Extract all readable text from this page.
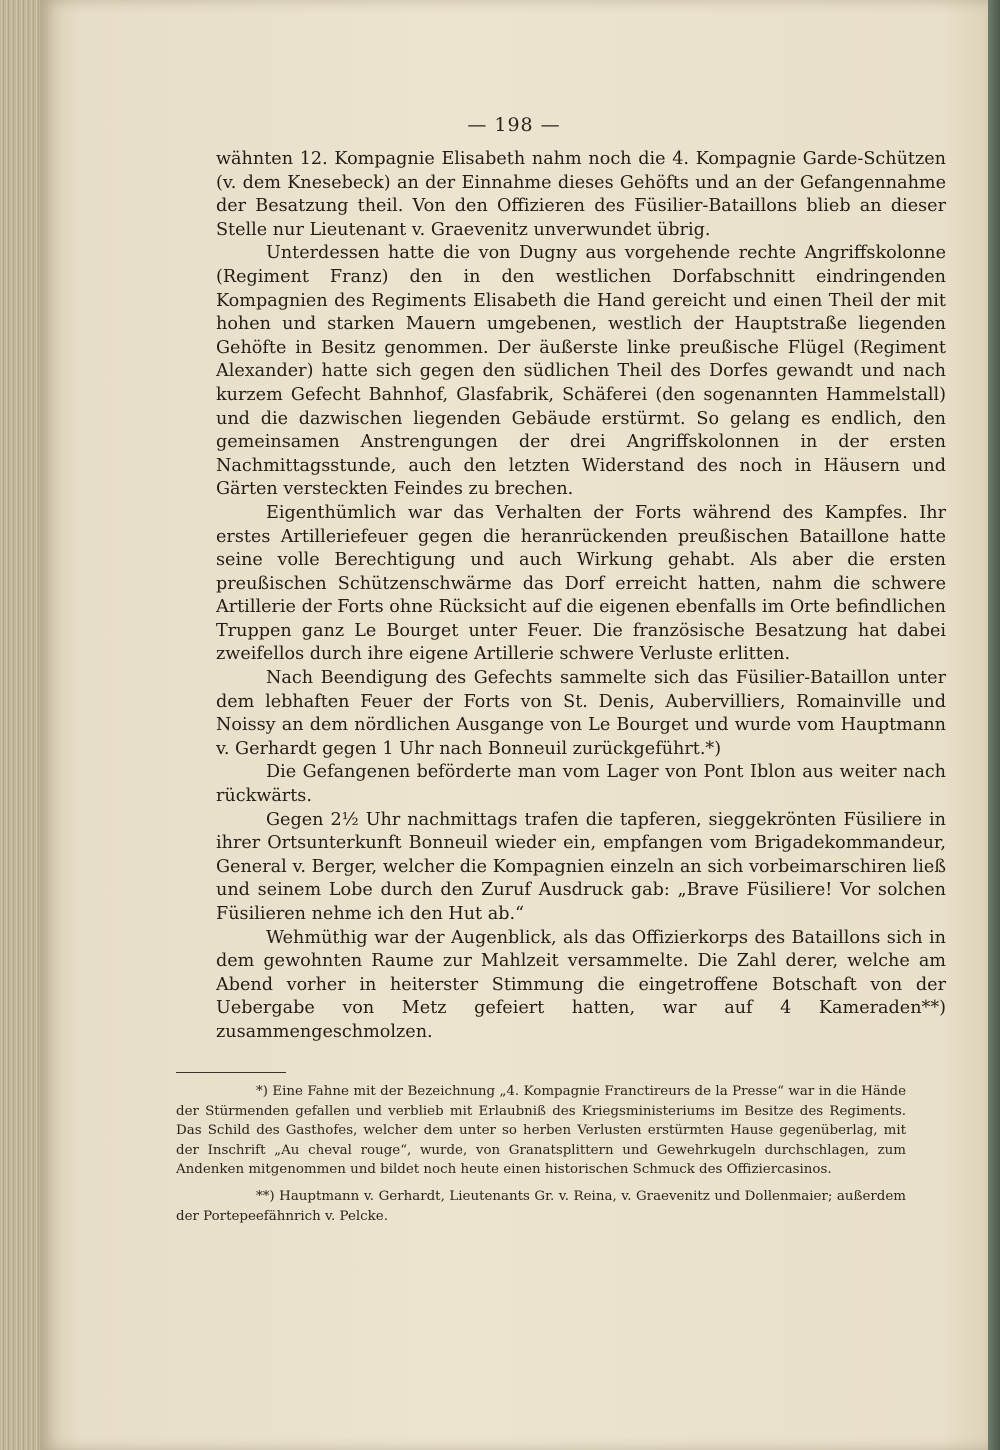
— 198 —

wähnten 12. Kompagnie Elisabeth nahm noch die 4. Kompagnie Garde-Schützen (v. dem Knesebeck) an der Einnahme dieses Gehöfts und an der Gefangennahme der Besatzung theil. Von den Offizieren des Füsilier-Bataillons blieb an dieser Stelle nur Lieutenant v. Graevenitz unverwundet übrig.

Unterdessen hatte die von Dugny aus vorgehende rechte Angriffskolonne (Regiment Franz) den in den westlichen Dorfabschnitt eindringenden Kompagnien des Regiments Elisabeth die Hand gereicht und einen Theil der mit hohen und starken Mauern umgebenen, westlich der Hauptstraße liegenden Gehöfte in Besitz genommen. Der äußerste linke preußische Flügel (Regiment Alexander) hatte sich gegen den südlichen Theil des Dorfes gewandt und nach kurzem Gefecht Bahnhof, Glasfabrik, Schäferei (den sogenannten Hammelstall) und die dazwischen liegenden Gebäude erstürmt. So gelang es endlich, den gemeinsamen Anstrengungen der drei Angriffskolonnen in der ersten Nachmittagsstunde, auch den letzten Widerstand des noch in Häusern und Gärten versteckten Feindes zu brechen.

Eigenthümlich war das Verhalten der Forts während des Kampfes. Ihr erstes Artilleriefeuer gegen die heranrückenden preußischen Bataillone hatte seine volle Berechtigung und auch Wirkung gehabt. Als aber die ersten preußischen Schützenschwärme das Dorf erreicht hatten, nahm die schwere Artillerie der Forts ohne Rücksicht auf die eigenen ebenfalls im Orte befindlichen Truppen ganz Le Bourget unter Feuer. Die französische Besatzung hat dabei zweifellos durch ihre eigene Artillerie schwere Verluste erlitten.

Nach Beendigung des Gefechts sammelte sich das Füsilier-Bataillon unter dem lebhaften Feuer der Forts von St. Denis, Aubervilliers, Romainville und Noissy an dem nördlichen Ausgange von Le Bourget und wurde vom Hauptmann v. Gerhardt gegen 1 Uhr nach Bonneuil zurückgeführt.*)

Die Gefangenen beförderte man vom Lager von Pont Iblon aus weiter nach rückwärts.

Gegen 2½ Uhr nachmittags trafen die tapferen, sieggekrönten Füsiliere in ihrer Ortsunterkunft Bonneuil wieder ein, empfangen vom Brigadekommandeur, General v. Berger, welcher die Kompagnien einzeln an sich vorbeimarschiren ließ und seinem Lobe durch den Zuruf Ausdruck gab: „Brave Füsiliere! Vor solchen Füsilieren nehme ich den Hut ab.“

Wehmüthig war der Augenblick, als das Offizierkorps des Bataillons sich in dem gewohnten Raume zur Mahlzeit versammelte. Die Zahl derer, welche am Abend vorher in heiterster Stimmung die eingetroffene Botschaft von der Uebergabe von Metz gefeiert hatten, war auf 4 Kameraden**) zusammengeschmolzen.

*) Eine Fahne mit der Bezeichnung „4. Kompagnie Franctireurs de la Presse“ war in die Hände der Stürmenden gefallen und verblieb mit Erlaubniß des Kriegsministeriums im Besitze des Regiments. Das Schild des Gasthofes, welcher dem unter so herben Verlusten erstürmten Hause gegenüberlag, mit der Inschrift „Au cheval rouge“, wurde, von Granatsplittern und Gewehrkugeln durchschlagen, zum Andenken mitgenommen und bildet noch heute einen historischen Schmuck des Offiziercasinos.

**) Hauptmann v. Gerhardt, Lieutenants Gr. v. Reina, v. Graevenitz und Dollenmaier; außerdem der Portepeefähnrich v. Pelcke.
